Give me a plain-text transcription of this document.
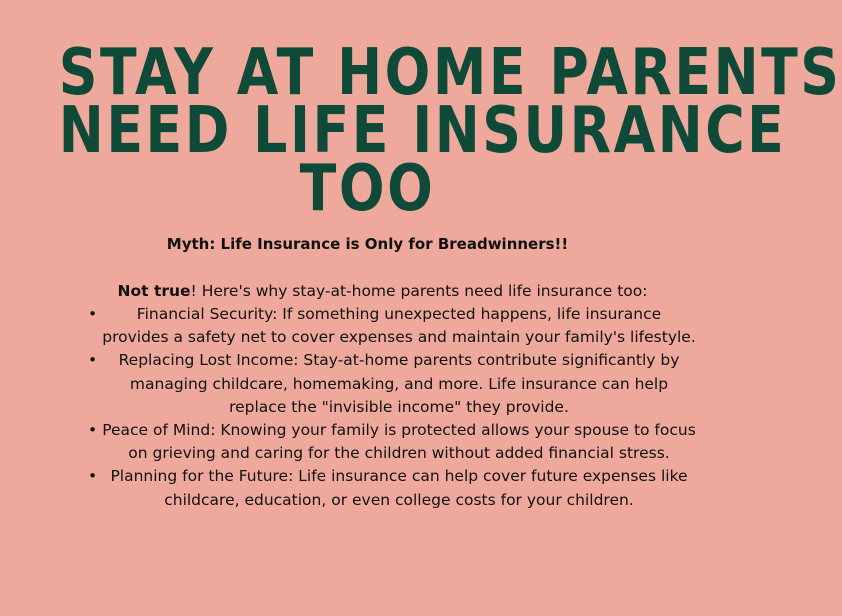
STAY AT HOME PARENTS
NEED LIFE INSURANCE
TOO

Myth: Life Insurance is Only for Breadwinners!!

Not true! Here's why stay-at-home parents need life insurance too:

•	Financial Security: If something unexpected happens, life insurance provides a safety net to cover expenses and maintain your family's lifestyle.
• Replacing Lost Income: Stay-at-home parents contribute significantly by managing childcare, homemaking, and more. Life insurance can help replace the "invisible income" they provide.
• Peace of Mind: Knowing your family is protected allows your spouse to focus on grieving and caring for the children without added financial stress.
• Planning for the Future: Life insurance can help cover future expenses like childcare, education, or even college costs for your children.
